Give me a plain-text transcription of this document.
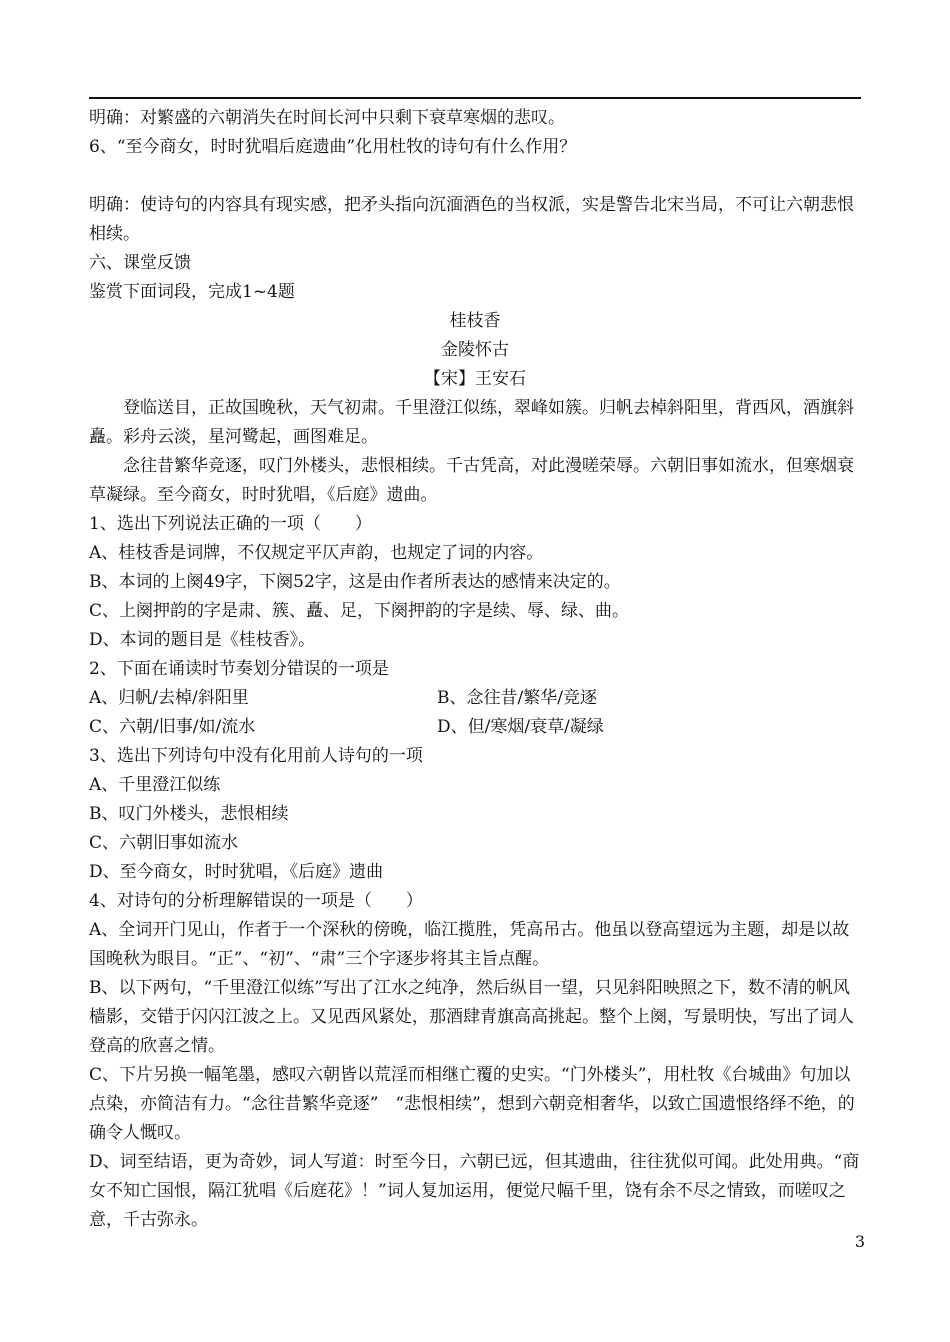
明确：对繁盛的六朝消失在时间长河中只剩下衰草寒烟的悲叹。

6、“至今商女，时时犹唱后庭遗曲”化用杜牧的诗句有什么作用？

明确：使诗句的内容具有现实感，把矛头指向沉湎酒色的当权派，实是警告北宋当局，不可让六朝悲恨相续。

六、课堂反馈

鉴赏下面词段，完成1~4题

桂枝香

金陵怀古

【宋】王安石

登临送目，正故国晚秋，天气初肃。千里澄江似练，翠峰如簇。归帆去棹斜阳里，背西风，酒旗斜矗。彩舟云淡，星河鹭起，画图难足。

念往昔繁华竞逐，叹门外楼头，悲恨相续。千古凭高，对此漫嗟荣辱。六朝旧事如流水，但寒烟衰草凝绿。至今商女，时时犹唱，《后庭》遗曲。

1、选出下列说法正确的一项（　　）

A、桂枝香是词牌，不仅规定平仄声韵，也规定了词的内容。

B、本词的上阕49字，下阕52字，这是由作者所表达的感情来决定的。

C、上阕押韵的字是肃、簇、矗、足，下阕押韵的字是续、辱、绿、曲。

D、本词的题目是《桂枝香》。

2、下面在诵读时节奏划分错误的一项是

A、归帆/去棹/斜阳里	B、念往昔/繁华/竞逐
C、六朝/旧事/如/流水	D、但/寒烟/衰草/凝绿

3、选出下列诗句中没有化用前人诗句的一项

A、千里澄江似练

B、叹门外楼头，悲恨相续

C、六朝旧事如流水

D、至今商女，时时犹唱，《后庭》遗曲

4、对诗句的分析理解错误的一项是（　　）

A、全词开门见山，作者于一个深秋的傍晚，临江揽胜，凭高吊古。他虽以登高望远为主题，却是以故国晚秋为眼目。“正”、“初”、“肃”三个字逐步将其主旨点醒。

B、以下两句，“千里澄江似练”写出了江水之纯净，然后纵目一望，只见斜阳映照之下，数不清的帆风樯影，交错于闪闪江波之上。又见西风紧处，那酒肆青旗高高挑起。整个上阕，写景明快，写出了词人登高的欣喜之情。

C、下片另换一幅笔墨，感叹六朝皆以荒淫而相继亡覆的史实。“门外楼头”，用杜牧《台城曲》句加以点染，亦简洁有力。“念往昔繁华竞逐”　“悲恨相续”，想到六朝竞相奢华，以致亡国遗恨络绎不绝，的确令人慨叹。

D、词至结语，更为奇妙，词人写道：时至今日，六朝已远，但其遗曲，往往犹似可闻。此处用典。“商女不知亡国恨，隔江犹唱《后庭花》！”词人复加运用，便觉尺幅千里，饶有余不尽之情致，而嗟叹之意，千古弥永。

3
